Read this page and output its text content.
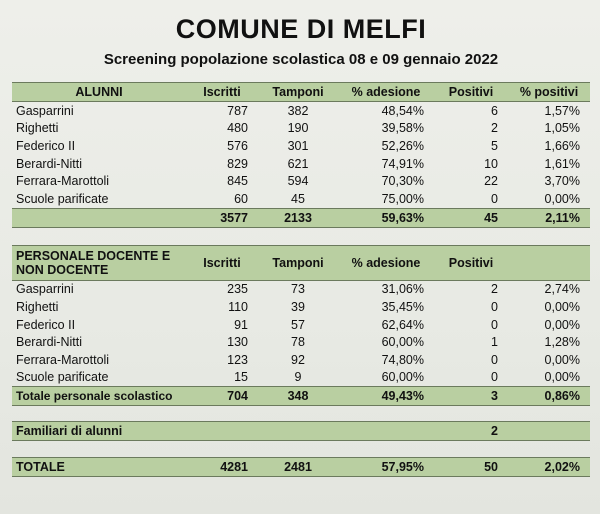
COMUNE DI MELFI
Screening popolazione scolastica 08 e 09 gennaio 2022
ALUNNI	Iscritti	Tamponi	% adesione	Positivi	% positivi
Gasparrini	787	382	48,54%	6	1,57%
Righetti	480	190	39,58%	2	1,05%
Federico II	576	301	52,26%	5	1,66%
Berardi-Nitti	829	621	74,91%	10	1,61%
Ferrara-Marottoli	845	594	70,30%	22	3,70%
Scuole parificate	60	45	75,00%	0	0,00%
	3577	2133	59,63%	45	2,11%
PERSONALE DOCENTE E NON DOCENTE	Iscritti	Tamponi	% adesione	Positivi	
Gasparrini	235	73	31,06%	2	2,74%
Righetti	110	39	35,45%	0	0,00%
Federico II	91	57	62,64%	0	0,00%
Berardi-Nitti	130	78	60,00%	1	1,28%
Ferrara-Marottoli	123	92	74,80%	0	0,00%
Scuole parificate	15	9	60,00%	0	0,00%
Totale personale scolastico	704	348	49,43%	3	0,86%
Familiari di alunni				2	
TOTALE	4281	2481	57,95%	50	2,02%
